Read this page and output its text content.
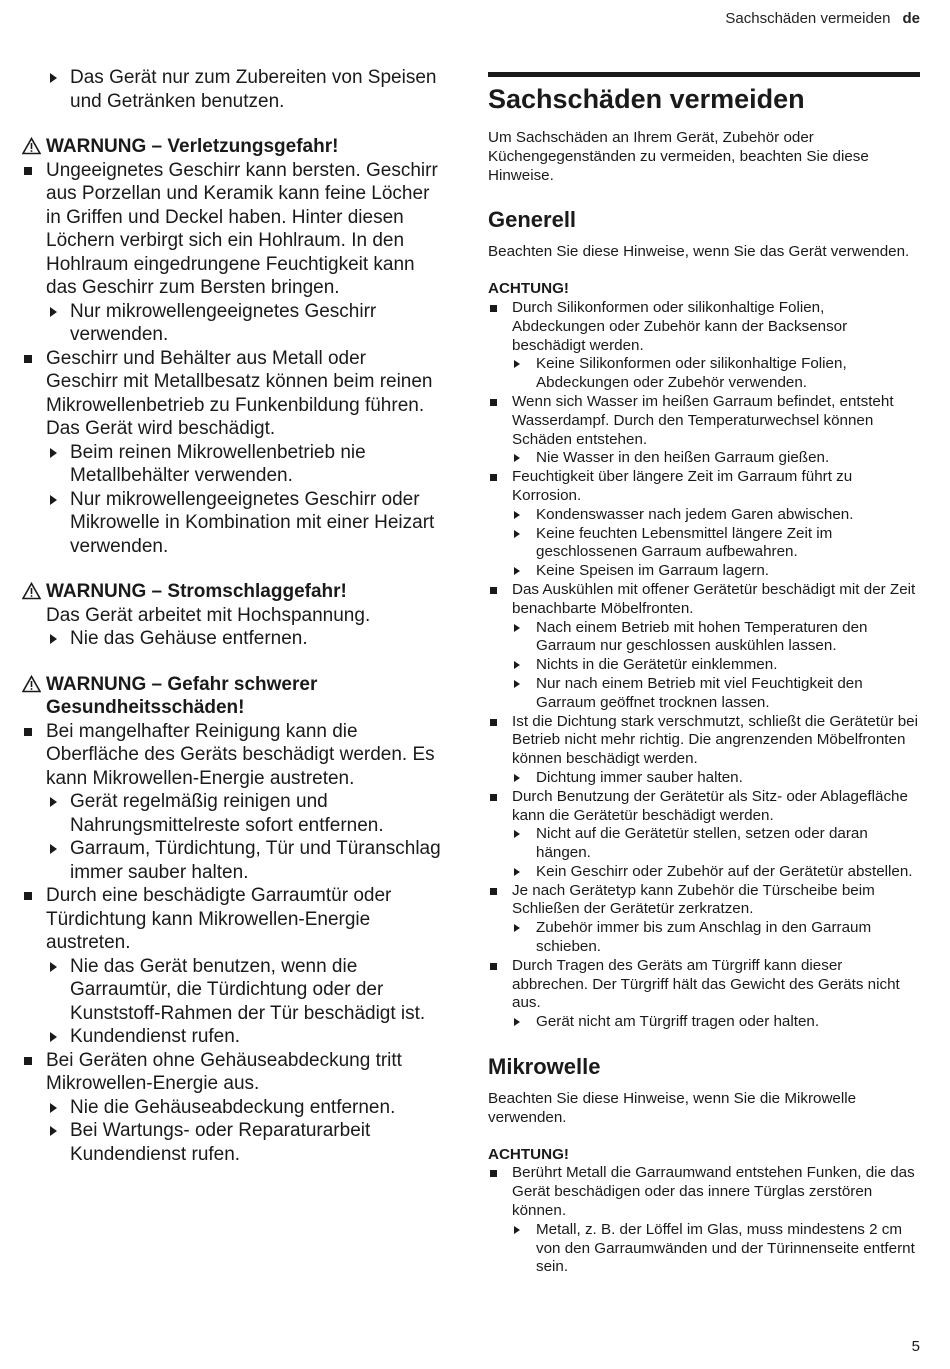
Sachschäden vermeiden de
Das Gerät nur zum Zubereiten von Speisen und Getränken benutzen.
WARNUNG – Verletzungsgefahr!
Ungeeignetes Geschirr kann bersten. Geschirr aus Porzellan und Keramik kann feine Löcher in Griffen und Deckel haben. Hinter diesen Löchern verbirgt sich ein Hohlraum. In den Hohlraum eingedrungene Feuchtigkeit kann das Geschirr zum Bersten bringen.
Nur mikrowellengeeignetes Geschirr verwenden.
Geschirr und Behälter aus Metall oder Geschirr mit Metallbesatz können beim reinen Mikrowellenbetrieb zu Funkenbildung führen. Das Gerät wird beschädigt.
Beim reinen Mikrowellenbetrieb nie Metallbehälter verwenden.
Nur mikrowellengeeignetes Geschirr oder Mikrowelle in Kombination mit einer Heizart verwenden.
WARNUNG – Stromschlaggefahr!
Das Gerät arbeitet mit Hochspannung.
Nie das Gehäuse entfernen.
WARNUNG – Gefahr schwerer Gesundheitsschäden!
Bei mangelhafter Reinigung kann die Oberfläche des Geräts beschädigt werden. Es kann Mikrowellen-Energie austreten.
Gerät regelmäßig reinigen und Nahrungsmittelreste sofort entfernen.
Garraum, Türdichtung, Tür und Türanschlag immer sauber halten.
Durch eine beschädigte Garraumtür oder Türdichtung kann Mikrowellen-Energie austreten.
Nie das Gerät benutzen, wenn die Garraumtür, die Türdichtung oder der Kunststoff-Rahmen der Tür beschädigt ist.
Kundendienst rufen.
Bei Geräten ohne Gehäuseabdeckung tritt Mikrowellen-Energie aus.
Nie die Gehäuseabdeckung entfernen.
Bei Wartungs- oder Reparaturarbeit Kundendienst rufen.
Sachschäden vermeiden

Um Sachschäden an Ihrem Gerät, Zubehör oder Küchengegenständen zu vermeiden, beachten Sie diese Hinweise.

Generell

Beachten Sie diese Hinweise, wenn Sie das Gerät verwenden.

ACHTUNG!
Durch Silikonformen oder silikonhaltige Folien, Abdeckungen oder Zubehör kann der Backsensor beschädigt werden.
Keine Silikonformen oder silikonhaltige Folien, Abdeckungen oder Zubehör verwenden.
Wenn sich Wasser im heißen Garraum befindet, entsteht Wasserdampf. Durch den Temperaturwechsel können Schäden entstehen.
Nie Wasser in den heißen Garraum gießen.
Feuchtigkeit über längere Zeit im Garraum führt zu Korrosion.
Kondenswasser nach jedem Garen abwischen.
Keine feuchten Lebensmittel längere Zeit im geschlossenen Garraum aufbewahren.
Keine Speisen im Garraum lagern.
Das Auskühlen mit offener Gerätetür beschädigt mit der Zeit benachbarte Möbelfronten.
Nach einem Betrieb mit hohen Temperaturen den Garraum nur geschlossen auskühlen lassen.
Nichts in die Gerätetür einklemmen.
Nur nach einem Betrieb mit viel Feuchtigkeit den Garraum geöffnet trocknen lassen.
Ist die Dichtung stark verschmutzt, schließt die Gerätetür bei Betrieb nicht mehr richtig. Die angrenzenden Möbelfronten können beschädigt werden.
Dichtung immer sauber halten.
Durch Benutzung der Gerätetür als Sitz- oder Ablagefläche kann die Gerätetür beschädigt werden.
Nicht auf die Gerätetür stellen, setzen oder daran hängen.
Kein Geschirr oder Zubehör auf der Gerätetür abstellen.
Je nach Gerätetyp kann Zubehör die Türscheibe beim Schließen der Gerätetür zerkratzen.
Zubehör immer bis zum Anschlag in den Garraum schieben.
Durch Tragen des Geräts am Türgriff kann dieser abbrechen. Der Türgriff hält das Gewicht des Geräts nicht aus.
Gerät nicht am Türgriff tragen oder halten.
Mikrowelle

Beachten Sie diese Hinweise, wenn Sie die Mikrowelle verwenden.

ACHTUNG!
Berührt Metall die Garraumwand entstehen Funken, die das Gerät beschädigen oder das innere Türglas zerstören können.
Metall, z. B. der Löffel im Glas, muss mindestens 2 cm von den Garraumwänden und der Türinnenseite entfernt sein.
5
